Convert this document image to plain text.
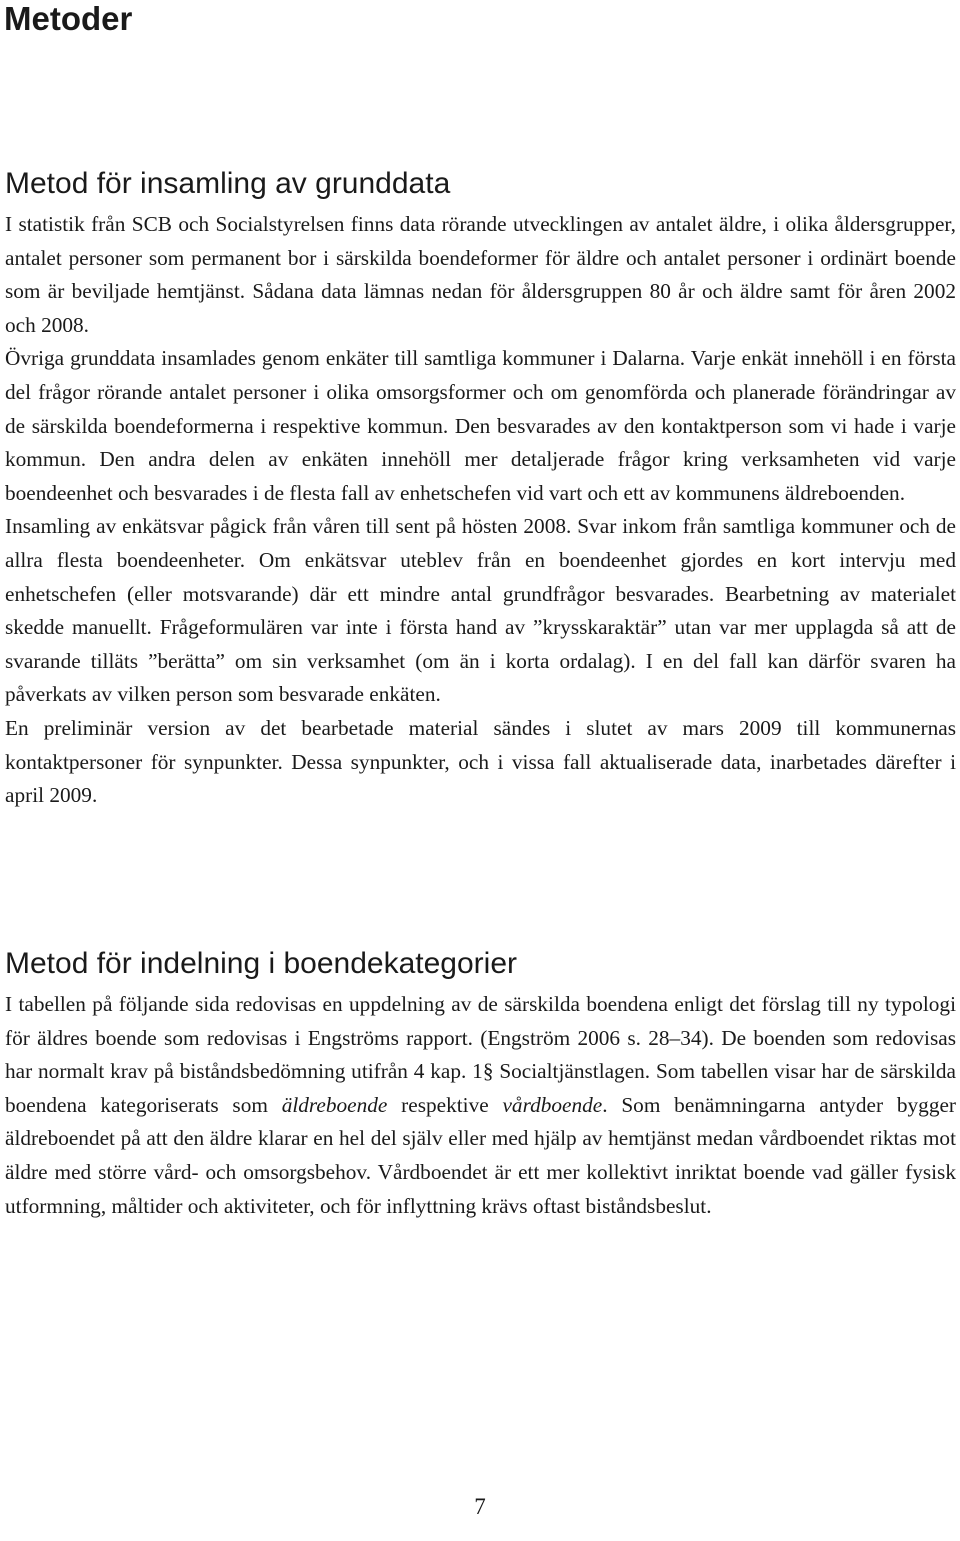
Metoder
Metod för insamling av grunddata

I statistik från SCB och Socialstyrelsen finns data rörande utvecklingen av antalet äldre, i olika åldersgrupper, antalet personer som permanent bor i särskilda boendeformer för äldre och antalet personer i ordinärt boende som är beviljade hemtjänst. Sådana data lämnas nedan för åldersgruppen 80 år och äldre samt för åren 2002 och 2008.

Övriga grunddata insamlades genom enkäter till samtliga kommuner i Dalarna. Varje enkät innehöll i en första del frågor rörande antalet personer i olika omsorgsformer och om genomförda och planerade förändringar av de särskilda boendeformerna i respektive kommun. Den besvarades av den kontaktperson som vi hade i varje kommun. Den andra delen av enkäten innehöll mer detaljerade frågor kring verksamheten vid varje boendeenhet och besvarades i de flesta fall av enhetschefen vid vart och ett av kommunens äldreboenden.

Insamling av enkätsvar pågick från våren till sent på hösten 2008. Svar inkom från samtliga kommuner och de allra flesta boendeenheter. Om enkätsvar uteblev från en boendeenhet gjordes en kort intervju med enhetschefen (eller motsvarande) där ett mindre antal grundfrågor besvarades. Bearbetning av materialet skedde manuellt. Frågeformulären var inte i första hand av ”krysskaraktär” utan var mer upplagda så att de svarande tilläts ”berätta” om sin verksamhet (om än i korta ordalag). I en del fall kan därför svaren ha påverkats av vilken person som besvarade enkäten.

En preliminär version av det bearbetade material sändes i slutet av mars 2009 till kommunernas kontaktpersoner för synpunkter. Dessa synpunkter, och i vissa fall aktualiserade data, inarbetades därefter i april 2009.

Metod för indelning i boendekategorier

I tabellen på följande sida redovisas en uppdelning av de särskilda boendena enligt det förslag till ny typologi för äldres boende som redovisas i Engströms rapport. (Engström 2006 s. 28–34). De boenden som redovisas har normalt krav på biståndsbedömning utifrån 4 kap. 1§ Socialtjänstlagen. Som tabellen visar har de särskilda boendena kategoriserats som äldreboende respektive vårdboende. Som benämningarna antyder bygger äldreboendet på att den äldre klarar en hel del själv eller med hjälp av hemtjänst medan vårdboendet riktas mot äldre med större vård- och omsorgsbehov. Vårdboendet är ett mer kollektivt inriktat boende vad gäller fysisk utformning, måltider och aktiviteter, och för inflyttning krävs oftast biståndsbeslut.

7
